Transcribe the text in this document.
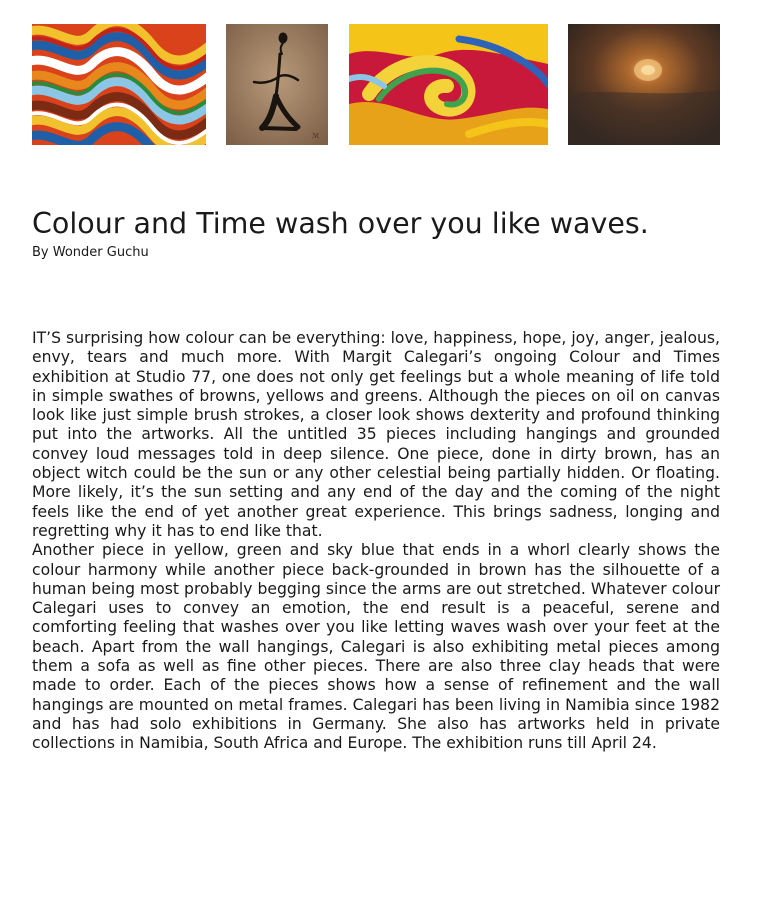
ℳ
Colour and Time wash over you like waves.
By Wonder Guchu

IT’S surprising how colour can be everything: love, happiness, hope, joy, anger, jealous, envy, tears and much more. With Margit Calegari’s ongoing Colour and Times exhibition at Studio 77, one does not only get feelings but a whole meaning of life told in simple swathes of browns, yellows and greens. Although the pieces on oil on canvas look like just simple brush strokes, a closer look shows dexterity and profound thinking put into the artworks. All the untitled 35 pieces including hangings and grounded convey loud messages told in deep silence. One piece, done in dirty brown, has an object witch could be the sun or any other celestial being partially hidden. Or floating. More likely, it’s the sun setting and any end of the day and the coming of the night feels like the end of yet another great experience. This brings sadness, longing and regretting why it has to end like that.

Another piece in yellow, green and sky blue that ends in a whorl clearly shows the colour harmony while another piece back-grounded in brown has the silhouette of a human being most probably begging since the arms are out stretched. Whatever colour Calegari uses to convey an emotion, the end result is a peaceful, serene and comforting feeling that washes over you like letting waves wash over your feet at the beach. Apart from the wall hangings, Calegari is also exhibiting metal pieces among them a sofa as well as fine other pieces. There are also three clay heads that were made to order. Each of the pieces shows how a sense of refinement and the wall hangings are mounted on metal frames. Calegari has been living in Namibia since 1982 and has had solo exhibitions in Germany. She also has artworks held in private collections in Namibia, South Africa and Europe. The exhibition runs till April 24.
